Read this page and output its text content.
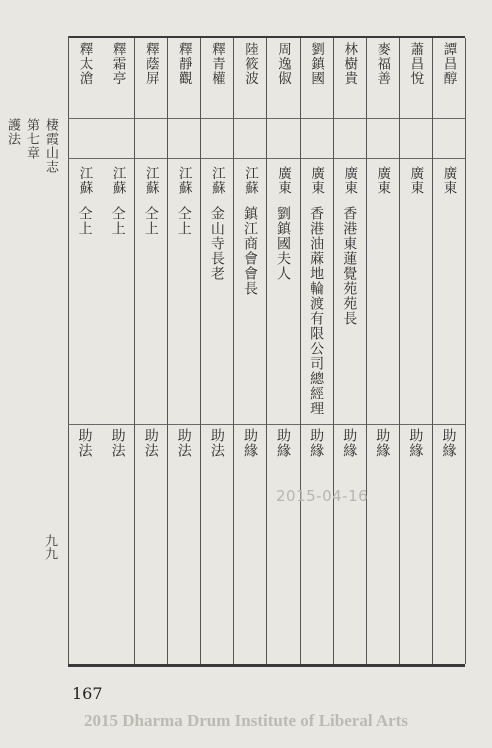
棲霞山志
第七章
護法
九九
譚昌醇
廣東
助緣
蕭昌悅
廣東
助緣
麥福善
廣東
助緣
林樹貴
廣東
香港東蓮覺苑苑長
助緣
劉鎮國
廣東
香港油蔴地輪渡有限公司總經理
助緣
周逸俶
廣東
劉鎮國夫人
助緣
陸筱波
江蘇
鎮江商會會長
助緣
釋青權
江蘇
金山寺長老
助法
釋靜觀
江蘇
仝上
助法
釋蔭屏
江蘇
仝上
助法
釋霜亭
江蘇
仝上
助法
釋太滄
江蘇
仝上
助法
2015-04-16
167
2015 Dharma Drum Institute of Liberal Arts
